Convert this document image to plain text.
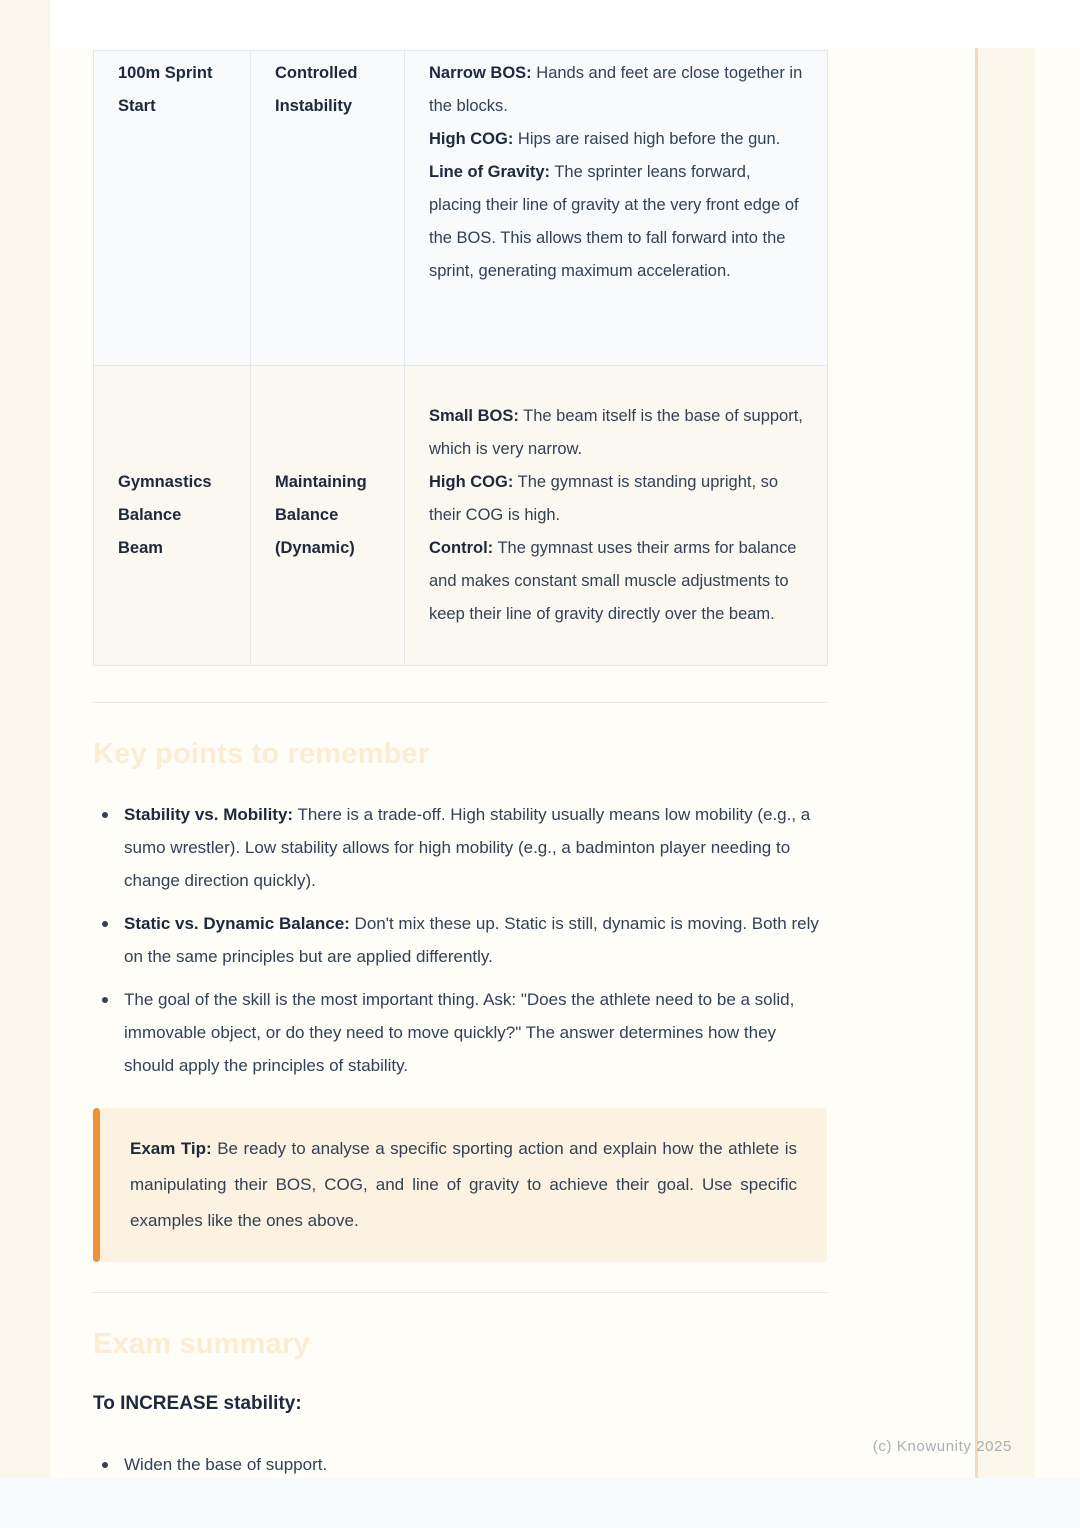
100m Sprint Start	Controlled Instability	Narrow BOS: Hands and feet are close together in the blocks.

High COG: Hips are raised high before the gun.

Line of Gravity: The sprinter leans forward, placing their line of gravity at the very front edge of the BOS. This allows them to fall forward into the sprint, generating maximum acceleration.

Gymnastics Balance Beam	Maintaining Balance (Dynamic)	Small BOS: The beam itself is the base of support, which is very narrow.

High COG: The gymnast is standing upright, so their COG is high.

Control: The gymnast uses their arms for balance and makes constant small muscle adjustments to keep their line of gravity directly over the beam.

Key points to remember
Stability vs. Mobility: There is a trade-off. High stability usually means low mobility (e.g., a sumo wrestler). Low stability allows for high mobility (e.g., a badminton player needing to change direction quickly).
Static vs. Dynamic Balance: Don't mix these up. Static is still, dynamic is moving. Both rely on the same principles but are applied differently.
The goal of the skill is the most important thing. Ask: "Does the athlete need to be a solid, immovable object, or do they need to move quickly?" The answer determines how they should apply the principles of stability.
Exam Tip: Be ready to analyse a specific sporting action and explain how the athlete is manipulating their BOS, COG, and line of gravity to achieve their goal. Use specific examples like the ones above.
Exam summary

To INCREASE stability:

Widen the base of support.
(c) Knowunity 2025
